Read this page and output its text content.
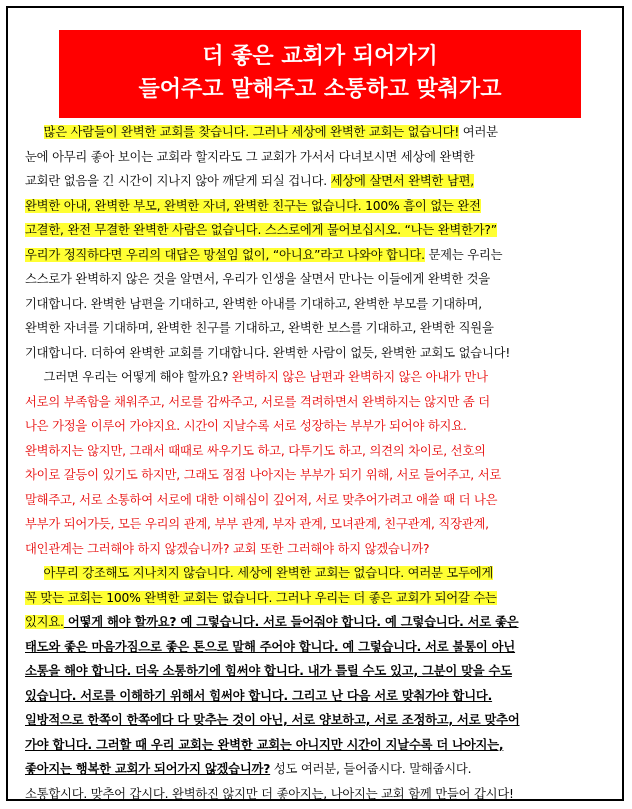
더 좋은 교회가 되어가기
들어주고 말해주고 소통하고 맞춰가고
많은 사람들이 완벽한 교회를 찾습니다. 그러나 세상에 완벽한 교회는 없습니다! 여러분
눈에 아무리 좋아 보이는 교회라 할지라도 그 교회가 가서서 다녀보시면 세상에 완벽한
교회란 없음을 긴 시간이 지나지 않아 깨닫게 되실 겁니다. 세상에 살면서 완벽한 남편,
완벽한 아내, 완벽한 부모, 완벽한 자녀, 완벽한 친구는 없습니다. 100% 흠이 없는 완전
고결한, 완전 무결한 완벽한 사람은 없습니다. 스스로에게 물어보십시오. “나는 완벽한가?”
우리가 정직하다면 우리의 대답은 망설임 없이, “아니요”라고 나와야 합니다. 문제는 우리는
스스로가 완벽하지 않은 것을 알면서, 우리가 인생을 살면서 만나는 이들에게 완벽한 것을
기대합니다. 완벽한 남편을 기대하고, 완벽한 아내를 기대하고, 완벽한 부모를 기대하며,
완벽한 자녀를 기대하며, 완벽한 친구를 기대하고, 완벽한 보스를 기대하고, 완벽한 직원을
기대합니다. 더하여 완벽한 교회를 기대합니다. 완벽한 사람이 없듯, 완벽한 교회도 없습니다!
그러면 우리는 어떻게 해야 할까요? 완벽하지 않은 남편과 완벽하지 않은 아내가 만나
서로의 부족함을 채워주고, 서로를 감싸주고, 서로를 격려하면서 완벽하지는 않지만 좀 더
나은 가정을 이루어 가야지요. 시간이 지날수록 서로 성장하는 부부가 되어야 하지요.
완벽하지는 않지만, 그래서 때때로 싸우기도 하고, 다투기도 하고, 의견의 차이로, 선호의
차이로 갈등이 있기도 하지만, 그래도 점점 나아지는 부부가 되기 위해, 서로 들어주고, 서로
말해주고, 서로 소통하여 서로에 대한 이해심이 깊어져, 서로 맞추어가려고 애쓸 때 더 나은
부부가 되어가듯, 모든 우리의 관계, 부부 관계, 부자 관계, 모녀관계, 친구관계, 직장관계,
대인관계는 그러해야 하지 않겠습니까? 교회 또한 그러해야 하지 않겠습니까?
아무리 강조해도 지나치지 않습니다. 세상에 완벽한 교회는 없습니다. 여러분 모두에게
꼭 맞는 교회는 100% 완벽한 교회는 없습니다. 그러나 우리는 더 좋은 교회가 되어갈 수는
있지요. 어떻게 해야 할까요? 예 그렇습니다. 서로 들어줘야 합니다. 예 그렇습니다. 서로 좋은
태도와 좋은 마음가짐으로 좋은 톤으로 말해 주어야 합니다. 예 그렇습니다. 서로 불통이 아닌
소통을 해야 합니다. 더욱 소통하기에 힘써야 합니다. 내가 틀릴 수도 있고, 그분이 맞을 수도
있습니다. 서로를 이해하기 위해서 힘써야 합니다. 그리고 난 다음 서로 맞춰가야 합니다.
일방적으로 한쪽이 한쪽에다 다 맞추는 것이 아닌, 서로 양보하고, 서로 조정하고, 서로 맞추어
가야 합니다. 그러할 때 우리 교회는 완벽한 교회는 아니지만 시간이 지날수록 더 나아지는,
좋아지는 행복한 교회가 되어가지 않겠습니까? 성도 여러분, 들어줍시다. 말해줍시다.
소통합시다. 맞추어 갑시다. 완벽하진 않지만 더 좋아지는, 나아지는 교회 함께 만들어 갑시다!
